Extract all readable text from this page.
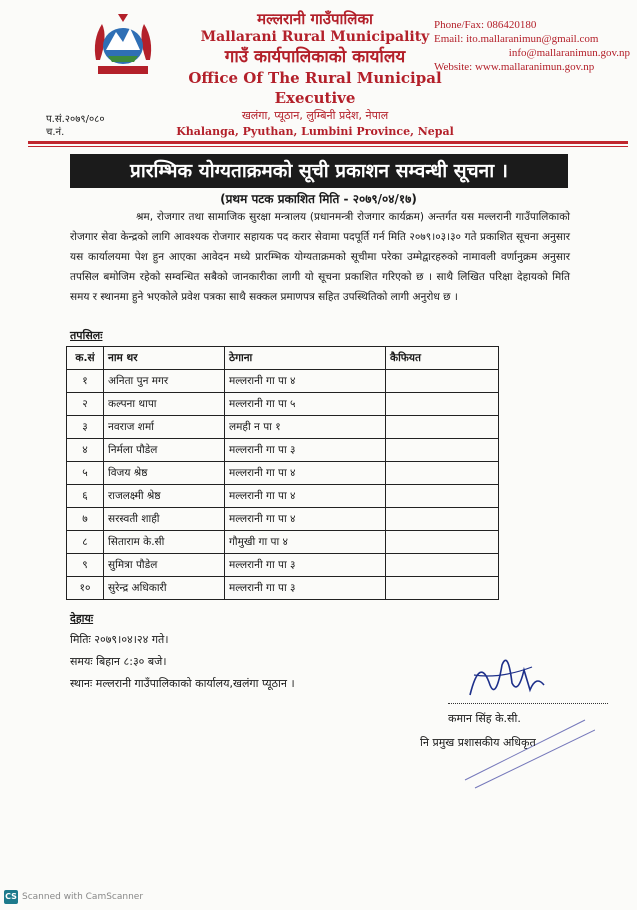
मल्लरानी गाउँपालिका
Mallarani Rural Municipality
गाउँ कार्यपालिकाको कार्यालय
Office Of The Rural Municipal Executive
खलंगा, प्यूठान, लुम्बिनी प्रदेश, नेपाल
Khalanga, Pyuthan, Lumbini Province, Nepal
Phone/Fax: 086420180
Email: ito.mallaranimun@gmail.com
info@mallaranimun.gov.np
Website: www.mallaranimun.gov.np
प.सं.२०७९/०८०
च.नं.
प्रारम्भिक योग्यताक्रमको सूची प्रकाशन सम्वन्धी सूचना ।
(प्रथम पटक प्रकाशित मिति - २०७९/०४/१७)
श्रम, रोजगार तथा सामाजिक सुरक्षा मन्त्रालय (प्रधानमन्त्री रोजगार कार्यक्रम) अन्तर्गत यस मल्लरानी गाउँपालिकाको रोजगार सेवा केन्द्रको लागि आवश्यक रोजगार सहायक पद करार सेवामा पदपूर्ति गर्न मिति २०७९।०३।३० गते प्रकाशित सूचना अनुसार यस कार्यालयमा पेश हुन आएका आवेदन मध्ये प्रारम्भिक योग्यताक्रमको सूचीमा परेका उम्मेद्वारहरुको नामावली वर्णानुक्रम अनुसार तपसिल बमोजिम रहेको सम्वन्धित सबैको जानकारीका लागी यो सूचना प्रकाशित गरिएको छ । साथै लिखित परिक्षा देहायको मिति समय र स्थानमा हुने भएकोले प्रवेश पत्रका साथै सक्कल प्रमाणपत्र सहित उपस्थितिको लागी अनुरोध छ ।
तपसिलः
क.सं	नाम थर	ठेगाना	कैफियत
१	अनिता पुन मगर	मल्लरानी गा पा ४	
२	कल्पना थापा	मल्लरानी गा पा ५	
३	नवराज शर्मा	लमही न पा १	
४	निर्मला पौडेल	मल्लरानी गा पा ३	
५	विजय श्रेष्ठ	मल्लरानी गा पा ४	
६	राजलक्ष्मी श्रेष्ठ	मल्लरानी गा पा ४	
७	सरस्वती शाही	मल्लरानी गा पा ४	
८	सिताराम के.सी	गौमुखी गा पा ४	
९	सुमित्रा पौडेल	मल्लरानी गा पा ३	
१०	सुरेन्द्र अधिकारी	मल्लरानी गा पा ३	
देहायः
मितिः २०७९।०४।२४ गते।
समयः बिहान ८:३० बजे।
स्थानः मल्लरानी गाउँपालिकाको कार्यालय,खलंगा प्यूठान ।
कमान सिंह के.सी.
नि प्रमुख प्रशासकीय अधिकृत
CS Scanned with CamScanner
